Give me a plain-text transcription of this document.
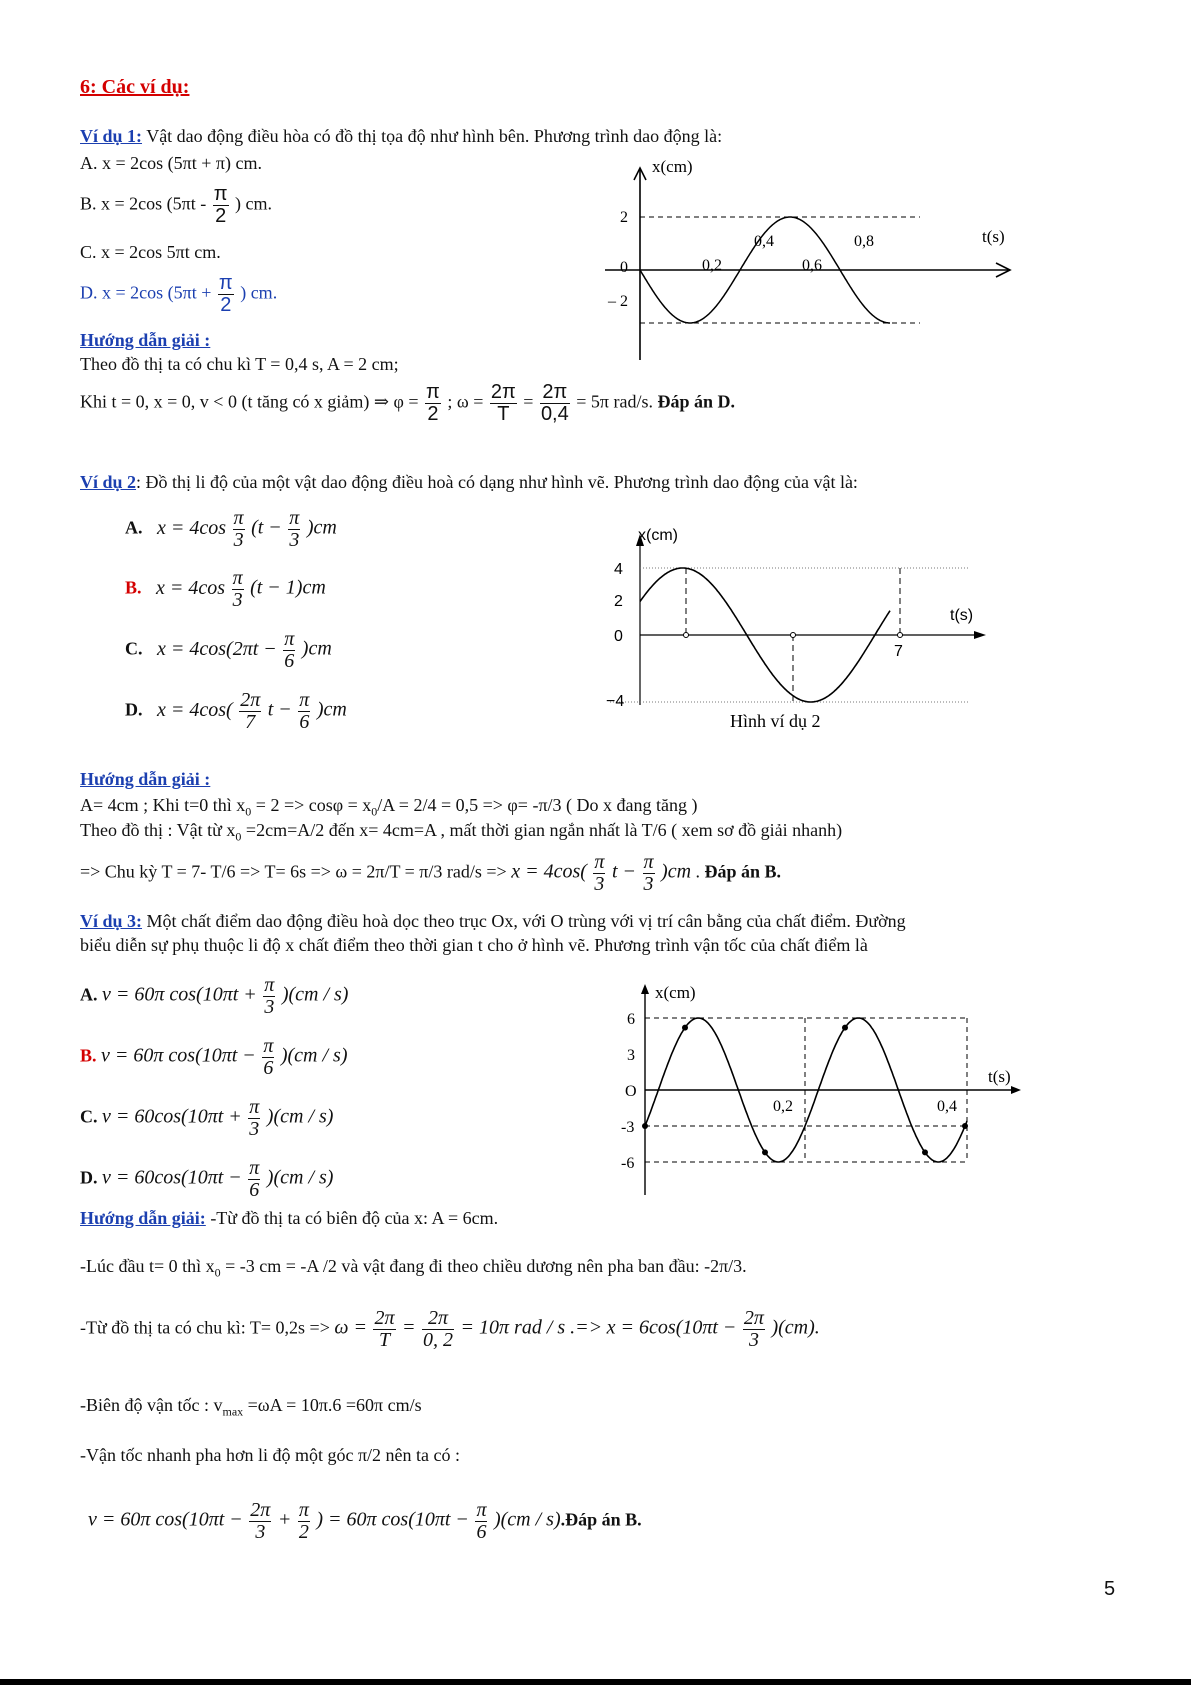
6: Các ví dụ:
Ví dụ 1: Vật dao động điều hòa có đồ thị tọa độ như hình bên. Phương trình dao động là:
A. x = 2cos (5πt + π) cm.
B. x = 2cos ($5\pi t - \frac{\pi}{2}$ ) cm.
C. x = 2cos 5πt cm.
D. x = 2cos ($5\pi t + \frac{\pi}{2}$ ) cm.
Hướng dẫn giải :
Theo đồ thị ta có chu kì T = 0,4 s, A = 2 cm;
Khi t = 0, x = 0, v < 0 (t tăng có x giảm) ⇒ $\varphi = \frac{\pi}{2}$ ; $\omega = \frac{2\pi}{T} = \frac{2\pi}{0,4} = 5\pi$ rad/s. Đáp án D.
x(cm)
t(s)
2
0
– 2
0,2
0,4
0,6
0,8
Ví dụ 2: Đồ thị li độ của một vật dao động điều hoà có dạng như hình vẽ. Phương trình dao động của vật là:
A. $x = 4\cos \frac{\pi}{3} (t - \frac{\pi}{3} )cm$
B. $x = 4\cos \frac{\pi}{3} (t - 1)cm$
C. $x = 4\cos(2\pi t - \frac{\pi}{6} )cm$
D. $x = 4\cos( \frac{2\pi}{7}$ $t - \frac{\pi}{6} )cm$
x(cm)
t(s)
4
2
0
−4
7
Hình ví dụ 2
Hướng dẫn giải :
A= 4cm ; Khi t=0 thì $x_0 = 2 => \cos\varphi = x_0/A = 2/4 = 0,5 => \varphi= -\pi/3$ ( Do x đang tăng )
Theo đồ thị : Vật từ $x_0 =2cm=A/2$ đến x= 4cm=A , mất thời gian ngắn nhất là T/6 ( xem sơ đồ giải nhanh)
=> Chu kỳ T = 7- T/6 => T= 6s => ω = 2π/T = π/3 $rad/s => x = 4\cos( \frac{\pi}{3}$ $t - \frac{\pi}{3} )cm$ . Đáp án B.
Ví dụ 3: Một chất điểm dao động điều hoà dọc theo trục Ox, với O trùng với vị trí cân bằng của chất điểm. Đường
biểu diễn sự phụ thuộc li độ x chất điểm theo thời gian t cho ở hình vẽ. Phương trình vận tốc của chất điểm là
A. v = 60π $\cos(10\pi t + \frac{\pi}{3} )(cm / s)$
B. v = 60π $\cos(10\pi t - \frac{\pi}{6} )(cm / s)$
C. $v = 60\cos(10\pi t + \frac{\pi}{3} )(cm / s)$
D. $v = 60\cos(10\pi t - \frac{\pi}{6} )(cm / s)$
x(cm)
t(s)
6
3
O
-3
-6
0,2	0,4
Hướng dẫn giải: -Từ đồ thị ta có biên độ của x: A = 6cm.
-Lúc đầu t= 0 thì $x_0 = -3$ cm = -A /2 và vật đang đi theo chiều dương nên pha ban đầu: -2π/3.
-Từ đồ thị ta có chu kì: $T= 0,2s => \omega = \frac{2\pi}{T} = \frac{2\pi}{0, 2} = 10\pi$ rad / s .=> $x = 6\cos(10\pi t - \frac{2\pi}{3} )(cm)$.
-Biên độ vận tốc : $v_{max} =\omega A = 10\pi.6 =60\pi$ cm/s
-Vận tốc nhanh pha hơn li độ một góc π/2 nên ta có :
v = 60π $\cos(10\pi t - \frac{2\pi}{3} + \frac{\pi}{2}$ ) = 60π $\cos(10\pi t - \frac{\pi}{6} )(cm$ / s).Đáp án B.
5
